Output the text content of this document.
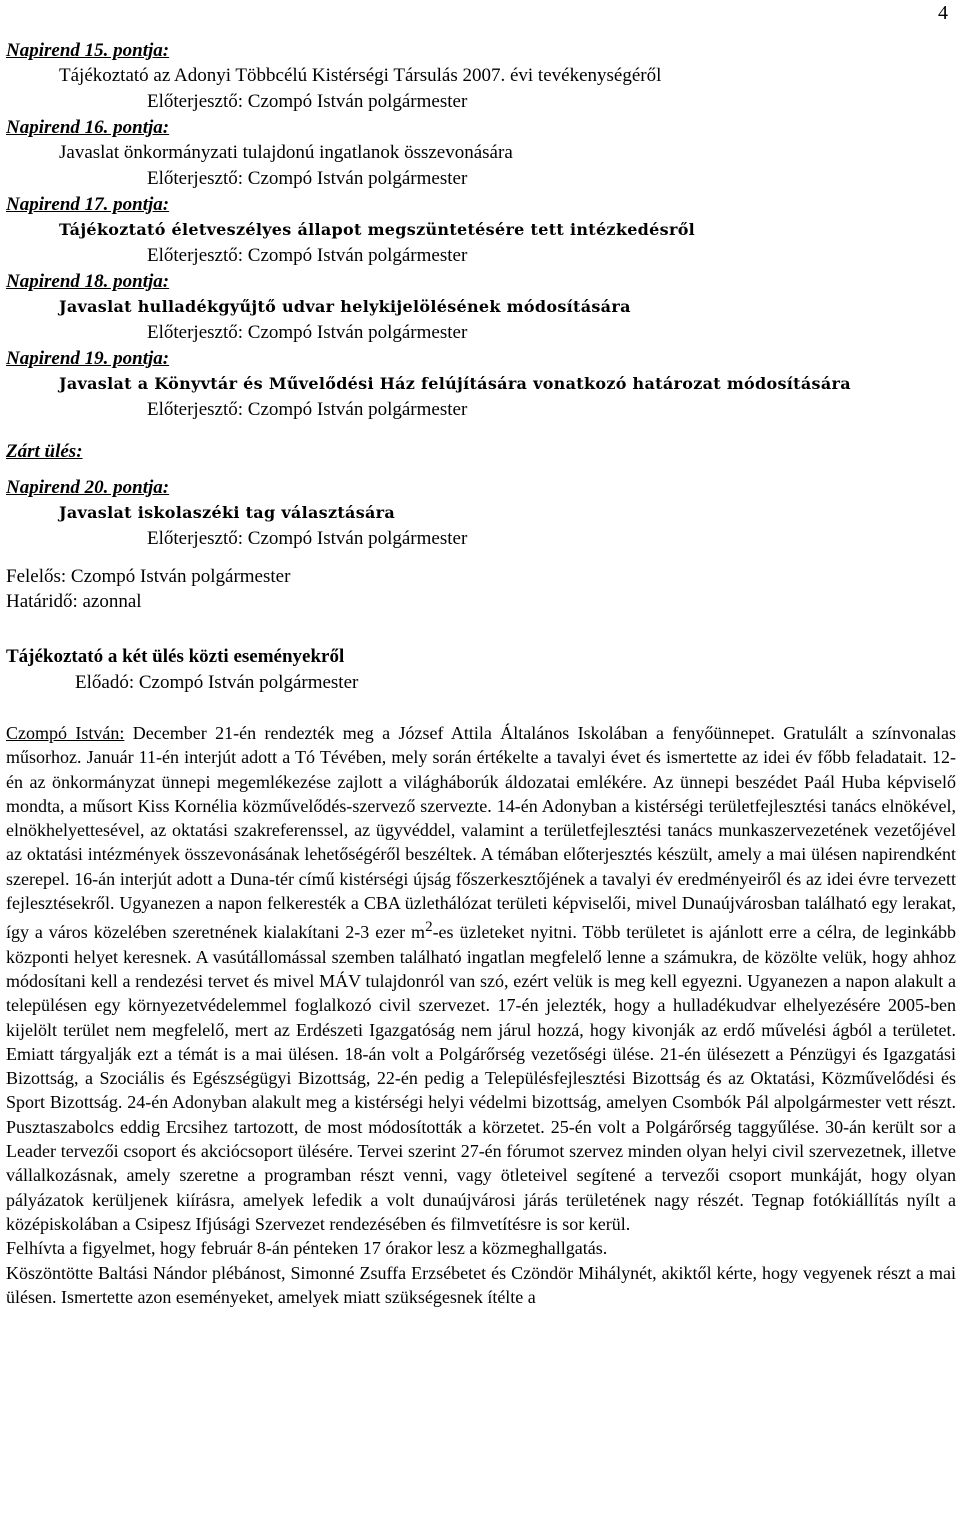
4
Napirend 15. pontja:
Tájékoztató az Adonyi Többcélú Kistérségi Társulás 2007. évi tevékenységéről
Előterjesztő: Czompó István polgármester
Napirend 16. pontja:
Javaslat önkormányzati tulajdonú ingatlanok összevonására
Előterjesztő: Czompó István polgármester
Napirend 17. pontja:
Tájékoztató életveszélyes állapot megszüntetésére tett intézkedésről
Előterjesztő: Czompó István polgármester
Napirend 18. pontja:
Javaslat hulladékgyűjtő udvar helykijelölésének módosítására
Előterjesztő: Czompó István polgármester
Napirend 19. pontja:
Javaslat a Könyvtár és Művelődési Ház felújítására vonatkozó határozat módosítására
Előterjesztő: Czompó István polgármester
Zárt ülés:
Napirend 20. pontja:
Javaslat iskolaszéki tag választására
Előterjesztő: Czompó István polgármester
Felelős: Czompó István polgármester
Határidő: azonnal
Tájékoztató a két ülés közti eseményekről
Előadó: Czompó István polgármester

Czompó István: December 21-én rendezték meg a József Attila Általános Iskolában a fenyőünnepet. Gratulált a színvonalas műsorhoz. Január 11-én interjút adott a Tó Tévében, mely során értékelte a tavalyi évet és ismertette az idei év főbb feladatait. 12-én az önkormányzat ünnepi megemlékezése zajlott a világháborúk áldozatai emlékére. Az ünnepi beszédet Paál Huba képviselő mondta, a műsort Kiss Kornélia közművelődés-szervező szervezte. 14-én Adonyban a kistérségi területfejlesztési tanács elnökével, elnökhelyettesével, az oktatási szakreferenssel, az ügyvéddel, valamint a területfejlesztési tanács munkaszervezetének vezetőjével az oktatási intézmények összevonásának lehetőségéről beszéltek. A témában előterjesztés készült, amely a mai ülésen napirendként szerepel. 16-án interjút adott a Duna-tér című kistérségi újság főszerkesztőjének a tavalyi év eredményeiről és az idei évre tervezett fejlesztésekről. Ugyanezen a napon felkeresték a CBA üzlethálózat területi képviselői, mivel Dunaújvárosban található egy lerakat, így a város közelében szeretnének kialakítani 2-3 ezer $m^2-es$ üzleteket nyitni. Több területet is ajánlott erre a célra, de leginkább központi helyet keresnek. A vasútállomással szemben található ingatlan megfelelő lenne a számukra, de közölte velük, hogy ahhoz módosítani kell a rendezési tervet és mivel MÁV tulajdonról van szó, ezért velük is meg kell egyezni. Ugyanezen a napon alakult a településen egy környezetvédelemmel foglalkozó civil szervezet. 17-én jelezték, hogy a hulladékudvar elhelyezésére 2005-ben kijelölt terület nem megfelelő, mert az Erdészeti Igazgatóság nem járul hozzá, hogy kivonják az erdő művelési ágból a területet. Emiatt tárgyalják ezt a témát is a mai ülésen. 18-án volt a Polgárőrség vezetőségi ülése. 21-én ülésezett a Pénzügyi és Igazgatási Bizottság, a Szociális és Egészségügyi Bizottság, 22-én pedig a Településfejlesztési Bizottság és az Oktatási, Közművelődési és Sport Bizottság. 24-én Adonyban alakult meg a kistérségi helyi védelmi bizottság, amelyen Csombók Pál alpolgármester vett részt. Pusztaszabolcs eddig Ercsihez tartozott, de most módosították a körzetet. 25-én volt a Polgárőrség taggyűlése. 30-án került sor a Leader tervezői csoport és akciócsoport ülésére. Tervei szerint 27-én fórumot szervez minden olyan helyi civil szervezetnek, illetve vállalkozásnak, amely szeretne a programban részt venni, vagy ötleteivel segítené a tervezői csoport munkáját, hogy olyan pályázatok kerüljenek kiírásra, amelyek lefedik a volt dunaújvárosi járás területének nagy részét. Tegnap fotókiállítás nyílt a középiskolában a Csipesz Ifjúsági Szervezet rendezésében és filmvetítésre is sor kerül.

Felhívta a figyelmet, hogy február 8-án pénteken 17 órakor lesz a közmeghallgatás.

Köszöntötte Baltási Nándor plébánost, Simonné Zsuffa Erzsébetet és Czöndör Mihálynét, akiktől kérte, hogy vegyenek részt a mai ülésen. Ismertette azon eseményeket, amelyek miatt szükségesnek ítélte a
